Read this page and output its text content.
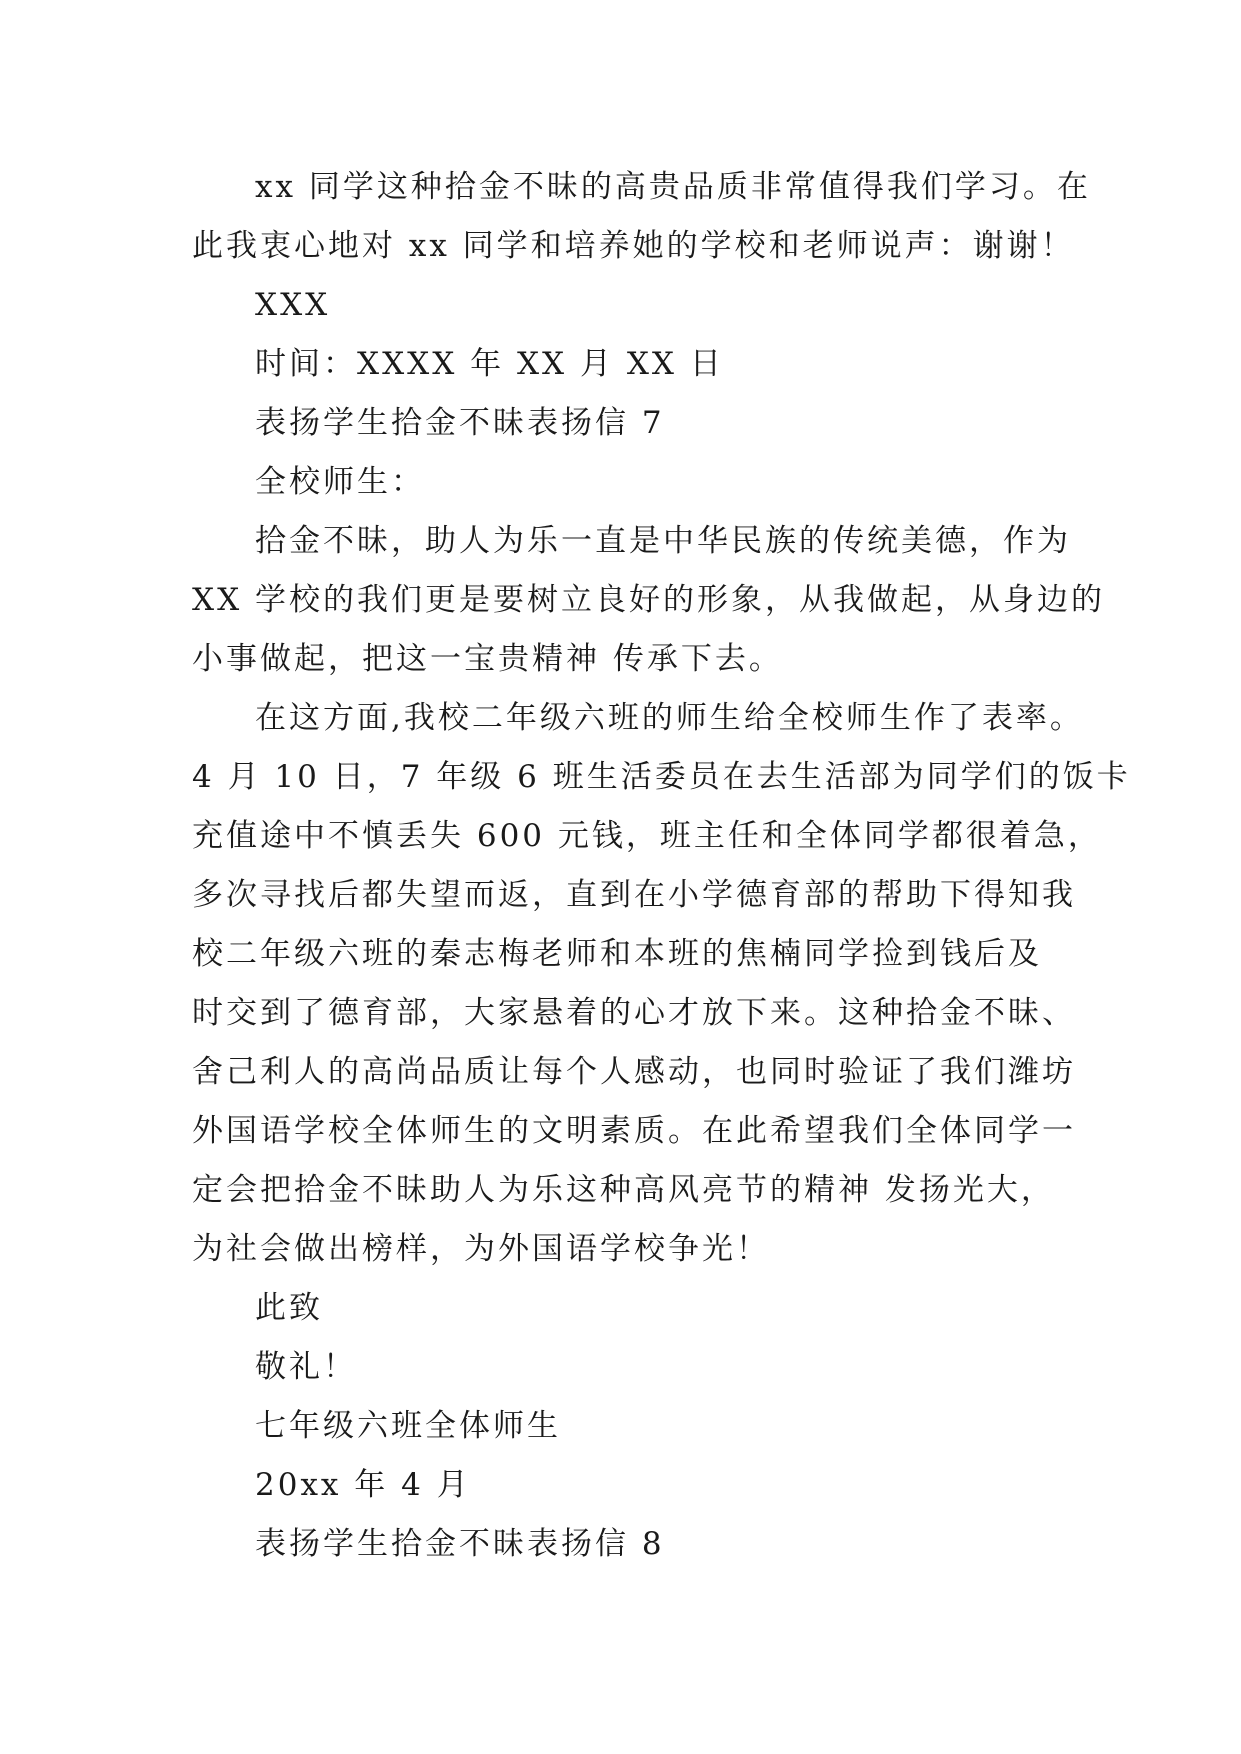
xx 同学这种拾金不昧的高贵品质非常值得我们学习。在
此我衷心地对 xx 同学和培养她的学校和老师说声：谢谢！
XXX
时间：XXXX 年 XX 月 XX 日
表扬学生拾金不昧表扬信 7
全校师生：
拾金不昧，助人为乐一直是中华民族的传统美德，作为
XX 学校的我们更是要树立良好的形象，从我做起，从身边的
小事做起，把这一宝贵精神 传承下去。
在这方面,我校二年级六班的师生给全校师生作了表率。
4 月 10 日，7 年级 6 班生活委员在去生活部为同学们的饭卡
充值途中不慎丢失 600 元钱，班主任和全体同学都很着急，
多次寻找后都失望而返，直到在小学德育部的帮助下得知我
校二年级六班的秦志梅老师和本班的焦楠同学捡到钱后及
时交到了德育部，大家悬着的心才放下来。这种拾金不昧、
舍己利人的高尚品质让每个人感动，也同时验证了我们潍坊
外国语学校全体师生的文明素质。在此希望我们全体同学一
定会把拾金不昧助人为乐这种高风亮节的精神 发扬光大，
为社会做出榜样，为外国语学校争光！
此致
敬礼！
七年级六班全体师生
20xx 年 4 月
表扬学生拾金不昧表扬信 8
